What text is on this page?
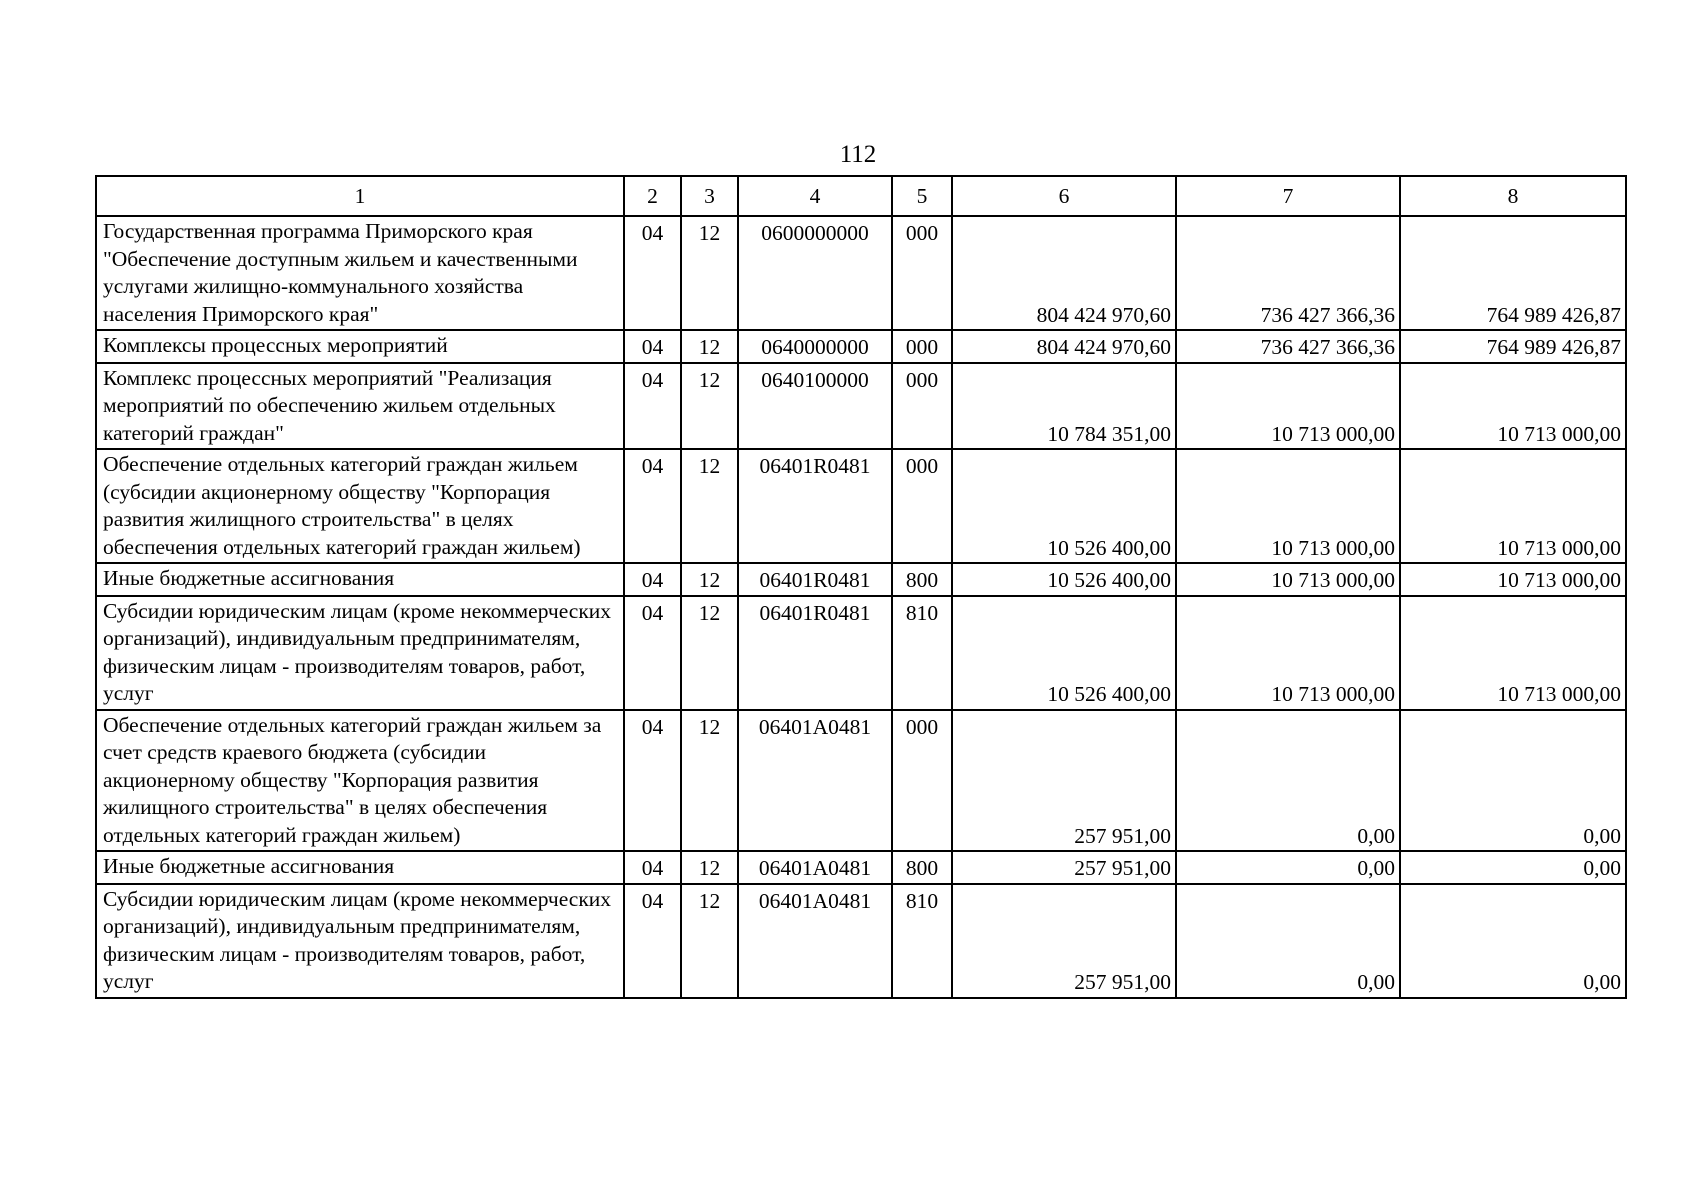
112
1	2	3	4	5	6	7	8
Государственная программа Приморского края "Обеспечение доступным жильем и качественными услугами жилищно-коммунального хозяйства населения Приморского края"	04	12	0600000000	000	804 424 970,60	736 427 366,36	764 989 426,87
Комплексы процессных мероприятий	04	12	0640000000	000	804 424 970,60	736 427 366,36	764 989 426,87
Комплекс процессных мероприятий "Реализация мероприятий по обеспечению жильем отдельных категорий граждан"	04	12	0640100000	000	10 784 351,00	10 713 000,00	10 713 000,00
Обеспечение отдельных категорий граждан жильем (субсидии акционерному обществу "Корпорация развития жилищного строительства" в целях обеспечения отдельных категорий граждан жильем)	04	12	06401R0481	000	10 526 400,00	10 713 000,00	10 713 000,00
Иные бюджетные ассигнования	04	12	06401R0481	800	10 526 400,00	10 713 000,00	10 713 000,00
Субсидии юридическим лицам (кроме некоммерческих организаций), индивидуальным предпринимателям, физическим лицам - производителям товаров, работ, услуг	04	12	06401R0481	810	10 526 400,00	10 713 000,00	10 713 000,00
Обеспечение отдельных категорий граждан жильем за счет средств краевого бюджета (субсидии акционерному обществу "Корпорация развития жилищного строительства" в целях обеспечения отдельных категорий граждан жильем)	04	12	06401A0481	000	257 951,00	0,00	0,00
Иные бюджетные ассигнования	04	12	06401A0481	800	257 951,00	0,00	0,00
Субсидии юридическим лицам (кроме некоммерческих организаций), индивидуальным предпринимателям, физическим лицам - производителям товаров, работ, услуг	04	12	06401A0481	810	257 951,00	0,00	0,00
